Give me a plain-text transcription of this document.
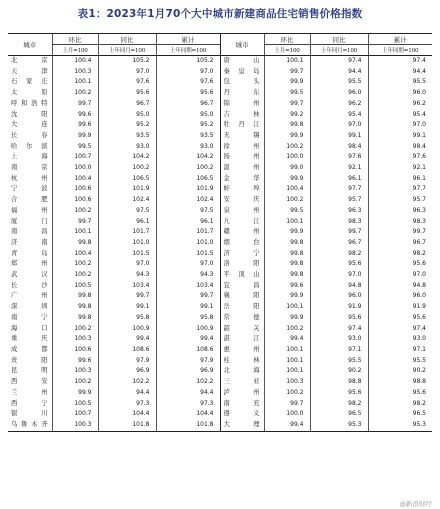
表1：2023年1月70个大中城市新建商品住宅销售价格指数
城市	环比	同比	累计	城市	环比	同比	累计
	上月=100	上年同月=100	上年同期=100		上月=100	上年同月=100	上年同期=100
北京	100.4	105.2	105.2	唐山	100.1	97.4	97.4
天津	100.3	97.0	97.0	秦皇岛	99.7	94.4	94.4
石家庄	100.1	97.6	97.6	包头	99.9	95.5	95.5
太原	100.2	95.6	95.6	丹东	99.5	96.0	96.0
呼和浩特	99.7	96.7	96.7	锦州	99.7	96.2	96.2
沈阳	99.6	95.0	95.0	吉林	99.2	95.4	95.4
大连	99.6	95.2	95.2	牡丹江	99.8	97.0	97.0
长春	99.9	93.5	93.5	无锡	99.9	99.1	99.1
哈尔滨	99.5	93.0	93.0	徐州	100.2	98.4	98.4
上海	100.7	104.2	104.2	扬州	100.0	97.6	97.6
南京	100.0	100.2	100.2	温州	99.0	92.1	92.1
杭州	100.4	106.5	106.5	金华	99.9	96.1	96.1
宁波	100.6	101.9	101.9	蚌埠	100.4	97.7	97.7
合肥	100.6	102.4	102.4	安庆	100.2	95.7	95.7
福州	100.2	97.5	97.5	泉州	99.5	96.3	96.3
厦门	99.7	96.1	96.1	九江	100.1	98.3	98.3
南昌	100.1	101.7	101.7	赣州	99.9	99.7	99.7
济南	99.8	101.0	101.0	烟台	99.8	96.7	96.7
青岛	100.4	101.5	101.5	济宁	99.8	98.2	98.2
郑州	100.2	97.0	97.0	洛阳	99.8	95.6	95.6
武汉	100.2	94.3	94.3	平顶山	99.8	97.0	97.0
长沙	100.5	103.4	103.4	宜昌	99.6	94.8	94.8
广州	99.8	99.7	99.7	襄阳	99.9	96.0	96.0
深圳	99.8	99.1	99.1	岳阳	100.1	91.9	91.9
南宁	99.8	95.8	95.8	常德	99.9	95.6	95.6
海口	100.2	100.9	100.9	韶关	100.2	97.4	97.4
重庆	100.3	99.4	99.4	湛江	99.4	93.0	93.0
成都	100.6	108.6	108.6	惠州	100.1	97.1	97.1
贵阳	99.6	97.9	97.9	桂林	100.1	95.5	95.5
昆明	100.3	96.9	96.9	北海	100.1	90.2	90.2
西安	100.2	102.2	102.2	三亚	100.3	98.8	98.8
兰州	99.9	94.4	94.4	泸州	100.2	95.6	95.6
西宁	100.5	97.3	97.3	南充	99.7	98.2	98.2
银川	100.7	104.4	104.4	遵义	100.0	96.5	96.5
乌鲁木齐	100.3	101.8	101.8	大理	99.4	95.3	95.3
@新浪财经
